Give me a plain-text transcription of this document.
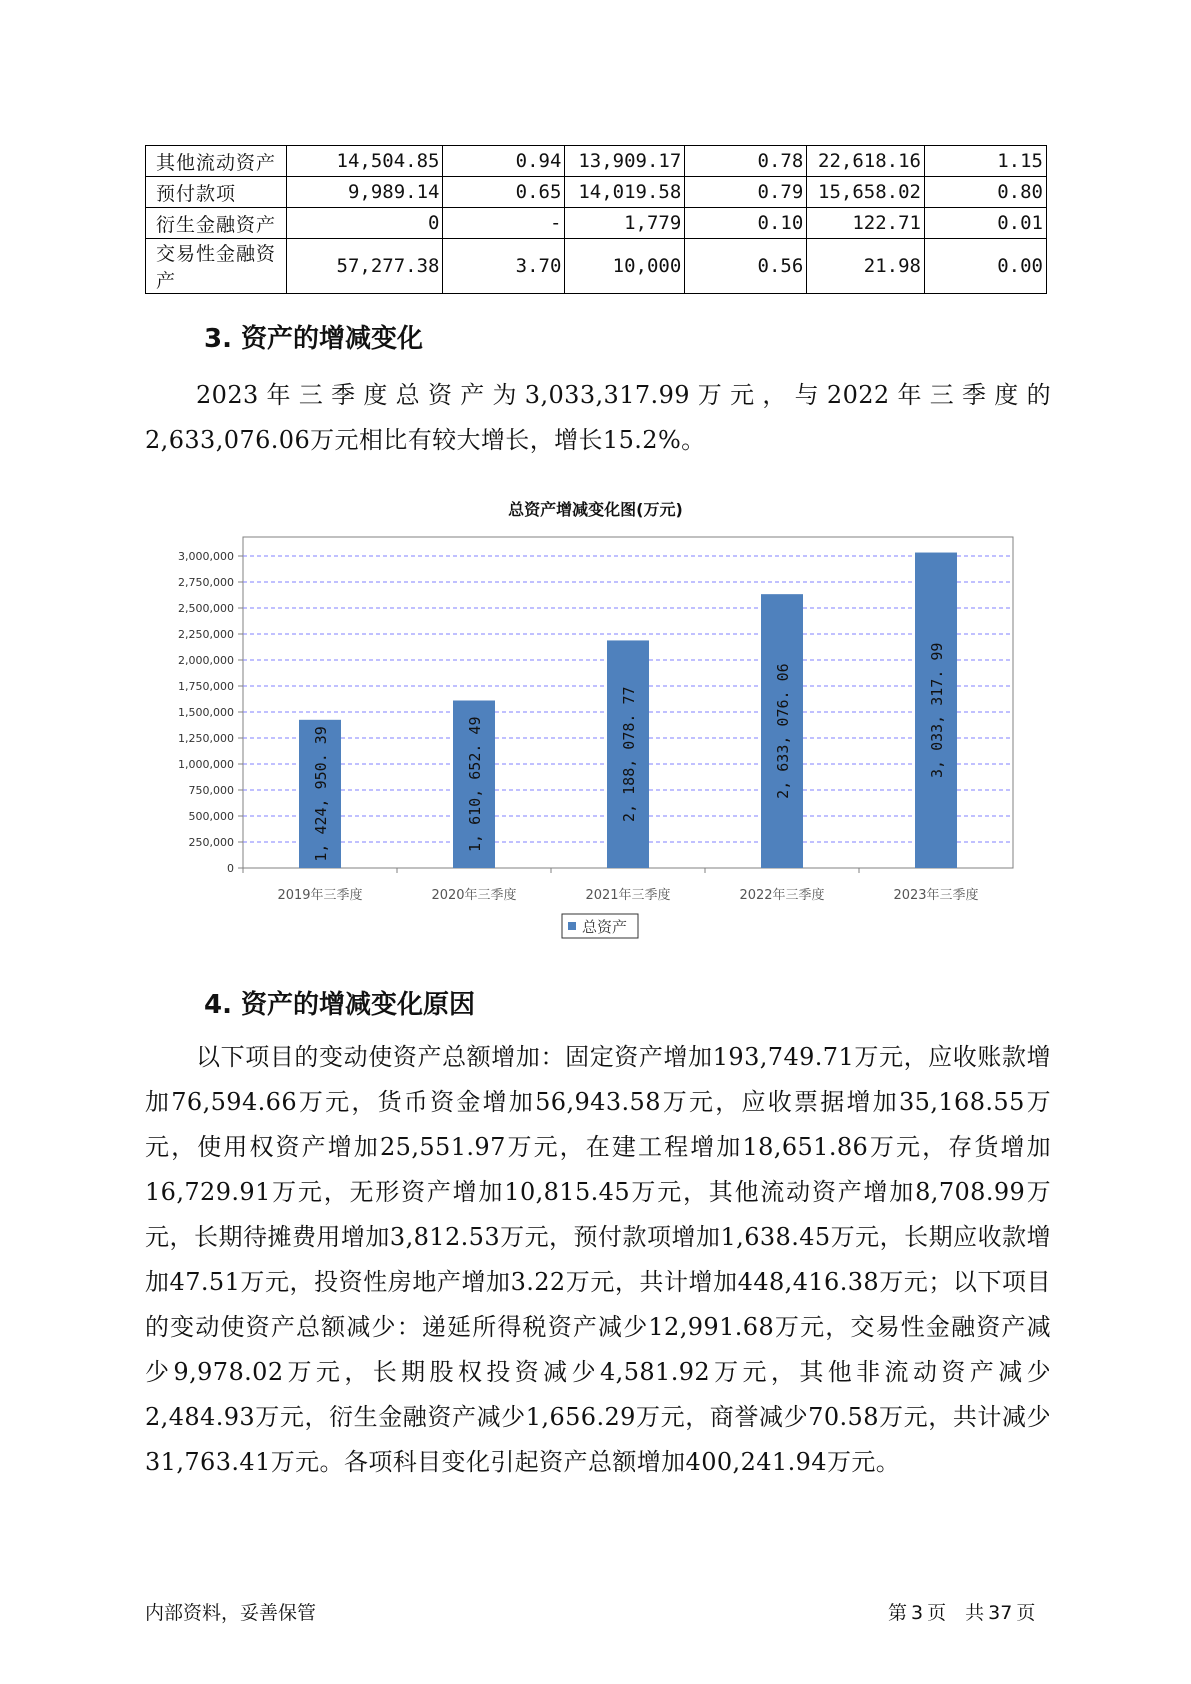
其他流动资产	14,504.85	0.94	13,909.17	0.78	22,618.16	1.15
预付款项	9,989.14	0.65	14,019.58	0.79	15,658.02	0.80
衍生金融资产	0	-	1,779	0.10	122.71	0.01
交易性金融资产	57,277.38	3.70	10,000	0.56	21.98	0.00
3. 资产的增减变化

2023年三季度总资产为3,033,317.99万元，与2022年三季度的2,633,076.06万元相比有较大增长，增长15.2%。

总资产增减变化图(万元)
0
250,000
500,000
750,000
1,000,000
1,250,000
1,500,000
1,750,000
2,000,000
2,250,000
2,500,000
2,750,000
3,000,000
1, 424, 950. 39	1, 610, 652. 49	2, 188, 078. 77	2, 633, 076. 06	3, 033, 317. 99
2019年三季度	2020年三季度	2021年三季度	2022年三季度	2023年三季度
总资产
4. 资产的增减变化原因

以下项目的变动使资产总额增加：固定资产增加193,749.71万元，应收账款增加76,594.66万元，货币资金增加56,943.58万元，应收票据增加35,168.55万元，使用权资产增加25,551.97万元，在建工程增加18,651.86万元，存货增加16,729.91万元，无形资产增加10,815.45万元，其他流动资产增加8,708.99万元，长期待摊费用增加3,812.53万元，预付款项增加1,638.45万元，长期应收款增加47.51万元，投资性房地产增加3.22万元，共计增加448,416.38万元；以下项目的变动使资产总额减少：递延所得税资产减少12,991.68万元，交易性金融资产减少9,978.02万元，长期股权投资减少4,581.92万元，其他非流动资产减少2,484.93万元，衍生金融资产减少1,656.29万元，商誉减少70.58万元，共计减少31,763.41万元。各项科目变化引起资产总额增加400,241.94万元。

内部资料，妥善保管	第 3 页　共 37 页
